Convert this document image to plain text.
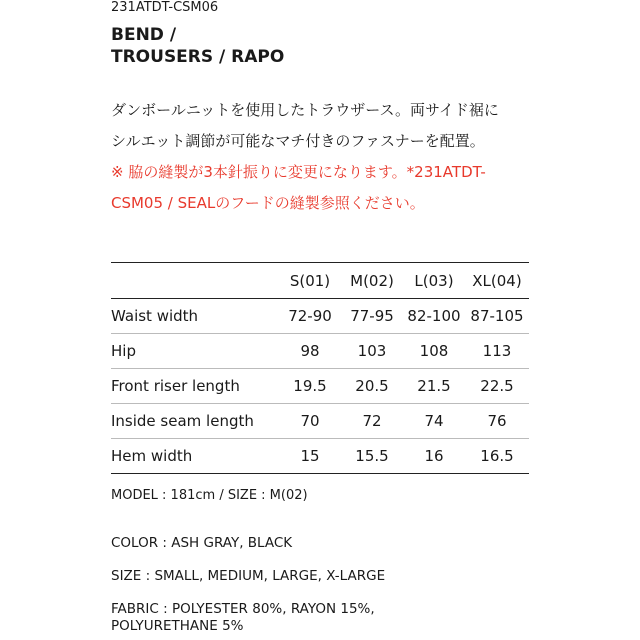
231ATDT-CSM06
BEND /
TROUSERS / RAPO
ダンボールニットを使用したトラウザース。両サイド裾に
シルエット調節が可能なマチ付きのファスナーを配置。
※ 脇の縫製が3本針振りに変更になります。*231ATDT-
CSM05 / SEALのフードの縫製参照ください。
	S(01)	M(02)	L(03)	XL(04)
Waist width	72-90	77-95	82-100	87-105
Hip	98	103	108	113
Front riser length	19.5	20.5	21.5	22.5
Inside seam length	70	72	74	76
Hem width	15	15.5	16	16.5
MODEL : 181cm / SIZE : M(02)
COLOR : ASH GRAY, BLACK
SIZE : SMALL, MEDIUM, LARGE, X-LARGE
FABRIC : POLYESTER 80%, RAYON 15%,
POLYURETHANE 5%
